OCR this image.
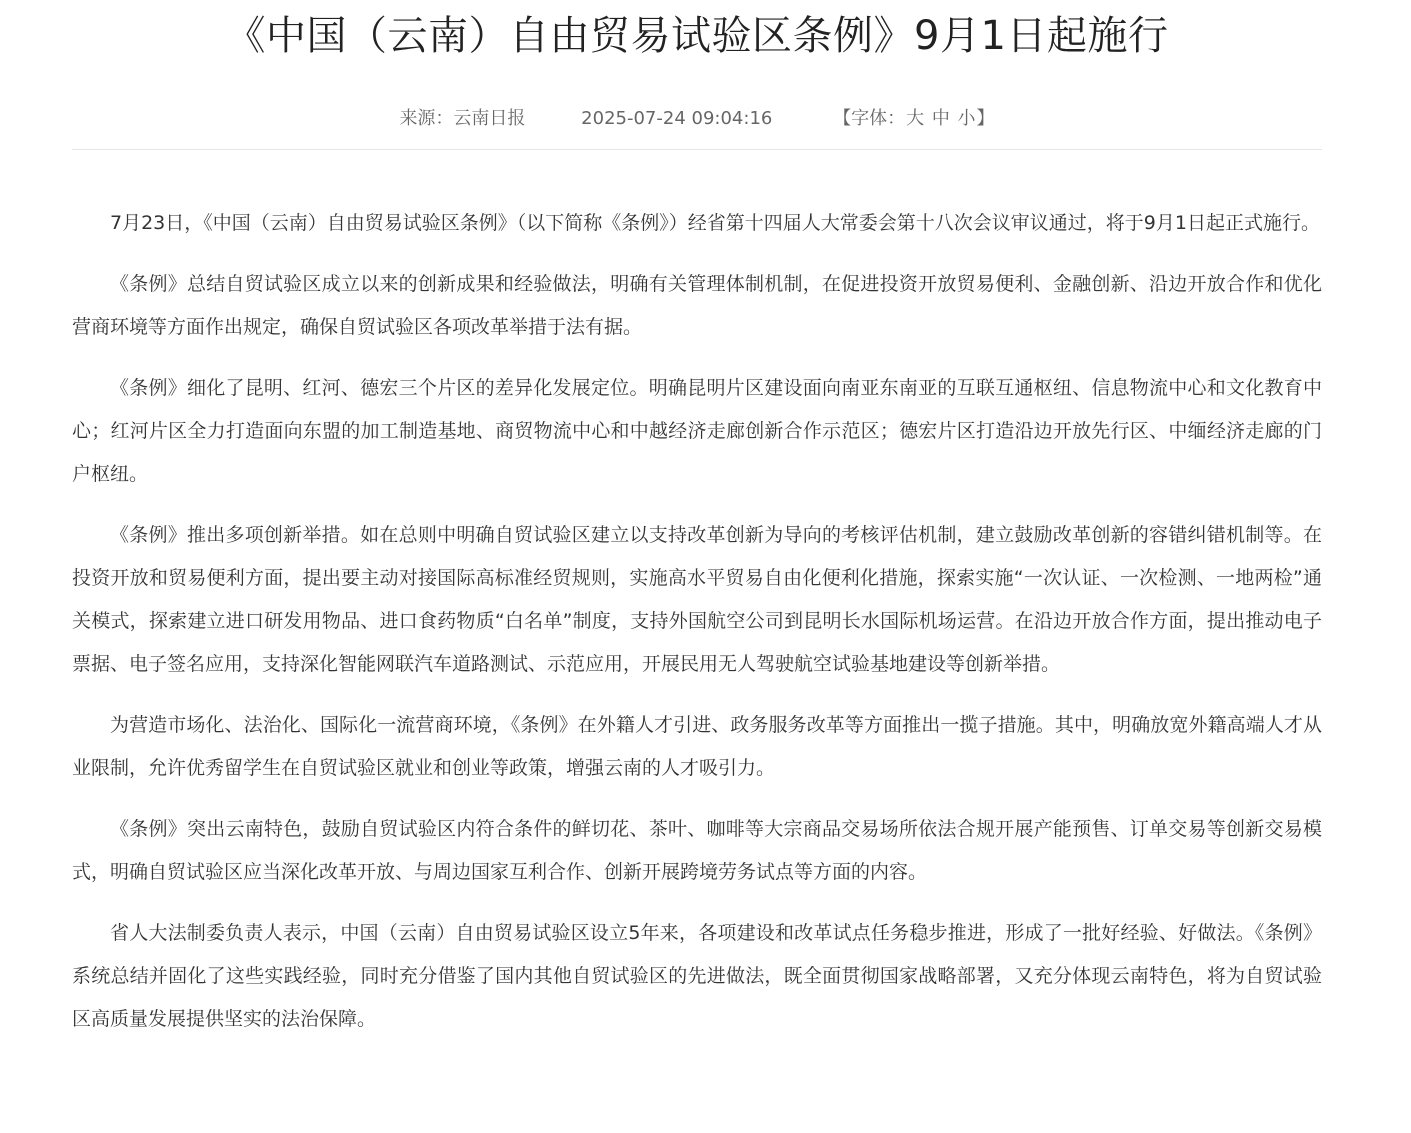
《中国（云南）自由贸易试验区条例》9月1日起施行
来源：云南日报	2025-07-24 09:04:16	【字体：大 中 小】

7月23日，《中国（云南）自由贸易试验区条例》（以下简称《条例》）经省第十四届人大常委会第十八次会议审议通过，将于9月1日起正式施行。

《条例》总结自贸试验区成立以来的创新成果和经验做法，明确有关管理体制机制，在促进投资开放贸易便利、金融创新、沿边开放合作和优化营商环境等方面作出规定，确保自贸试验区各项改革举措于法有据。

《条例》细化了昆明、红河、德宏三个片区的差异化发展定位。明确昆明片区建设面向南亚东南亚的互联互通枢纽、信息物流中心和文化教育中心；红河片区全力打造面向东盟的加工制造基地、商贸物流中心和中越经济走廊创新合作示范区；德宏片区打造沿边开放先行区、中缅经济走廊的门户枢纽。

《条例》推出多项创新举措。如在总则中明确自贸试验区建立以支持改革创新为导向的考核评估机制，建立鼓励改革创新的容错纠错机制等。在投资开放和贸易便利方面，提出要主动对接国际高标准经贸规则，实施高水平贸易自由化便利化措施，探索实施“一次认证、一次检测、一地两检”通关模式，探索建立进口研发用物品、进口食药物质“白名单”制度，支持外国航空公司到昆明长水国际机场运营。在沿边开放合作方面，提出推动电子票据、电子签名应用，支持深化智能网联汽车道路测试、示范应用，开展民用无人驾驶航空试验基地建设等创新举措。

为营造市场化、法治化、国际化一流营商环境，《条例》在外籍人才引进、政务服务改革等方面推出一揽子措施。其中，明确放宽外籍高端人才从业限制，允许优秀留学生在自贸试验区就业和创业等政策，增强云南的人才吸引力。

《条例》突出云南特色，鼓励自贸试验区内符合条件的鲜切花、茶叶、咖啡等大宗商品交易场所依法合规开展产能预售、订单交易等创新交易模式，明确自贸试验区应当深化改革开放、与周边国家互利合作、创新开展跨境劳务试点等方面的内容。

省人大法制委负责人表示，中国（云南）自由贸易试验区设立5年来，各项建设和改革试点任务稳步推进，形成了一批好经验、好做法。《条例》系统总结并固化了这些实践经验，同时充分借鉴了国内其他自贸试验区的先进做法，既全面贯彻国家战略部署，又充分体现云南特色，将为自贸试验区高质量发展提供坚实的法治保障。
